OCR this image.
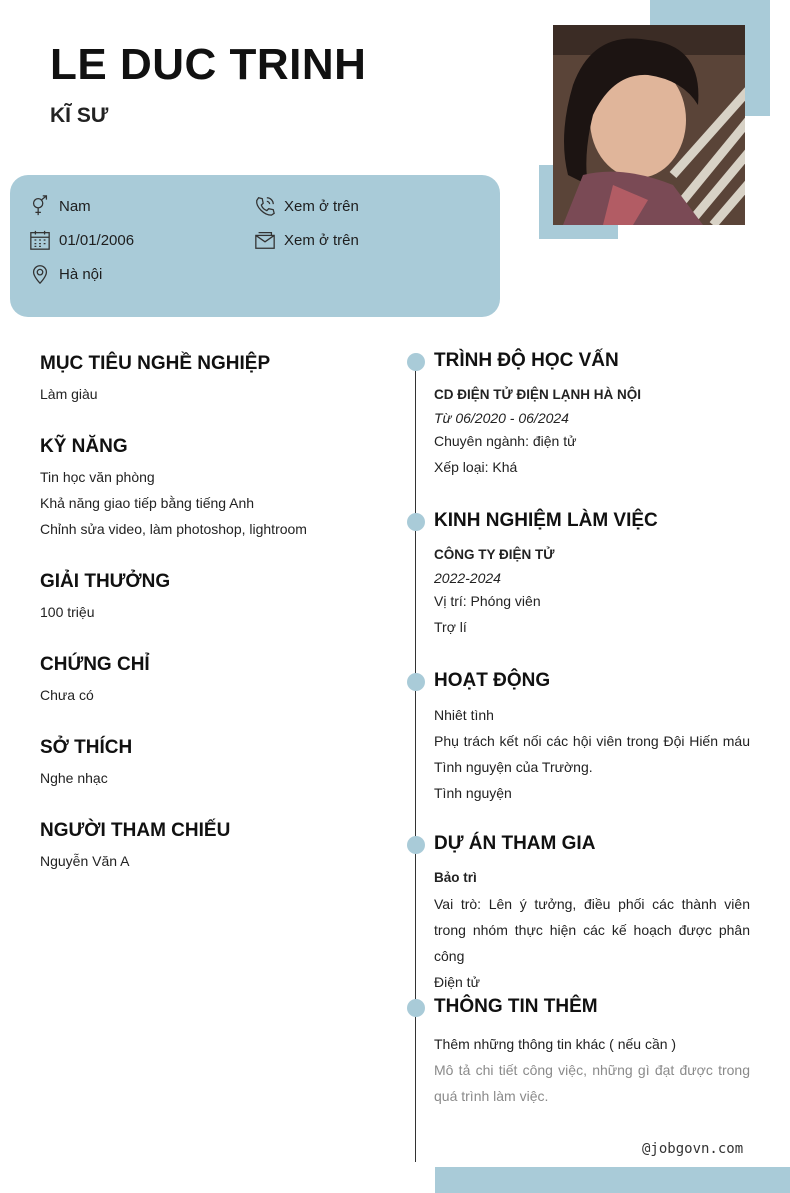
LE DUC TRINH
KĨ SƯ
Nam	Xem ở trên
01/01/2006	Xem ở trên
Hà nội
MỤC TIÊU NGHỀ NGHIỆP
Làm giàu
KỸ NĂNG
Tin học văn phòng
Khả năng giao tiếp bằng tiếng Anh
Chỉnh sửa video, làm photoshop, lightroom
GIẢI THƯỞNG
100 triệu
CHỨNG CHỈ
Chưa có
SỞ THÍCH
Nghe nhạc
NGƯỜI THAM CHIẾU
Nguyễn Văn A
TRÌNH ĐỘ HỌC VẤN
CD ĐIỆN TỬ ĐIỆN LẠNH HÀ NỘI
Từ 06/2020 - 06/2024
Chuyên ngành: điện tử
Xếp loại: Khá
KINH NGHIỆM LÀM VIỆC
CÔNG TY ĐIỆN TỬ
2022-2024
Vị trí: Phóng viên
Trợ lí
HOẠT ĐỘNG
Nhiêt tình
Phụ trách kết nối các hội viên trong Đội Hiến máu Tình nguyện của Trường.
Tình nguyện
DỰ ÁN THAM GIA
Bảo trì
Vai trò: Lên ý tưởng, điều phối các thành viên trong nhóm thực hiện các kế hoạch được phân công
Điện tử
THÔNG TIN THÊM
Thêm những thông tin khác ( nếu cần )
Mô tả chi tiết công việc, những gì đạt được trong quá trình làm việc.
@jobgovn.com
